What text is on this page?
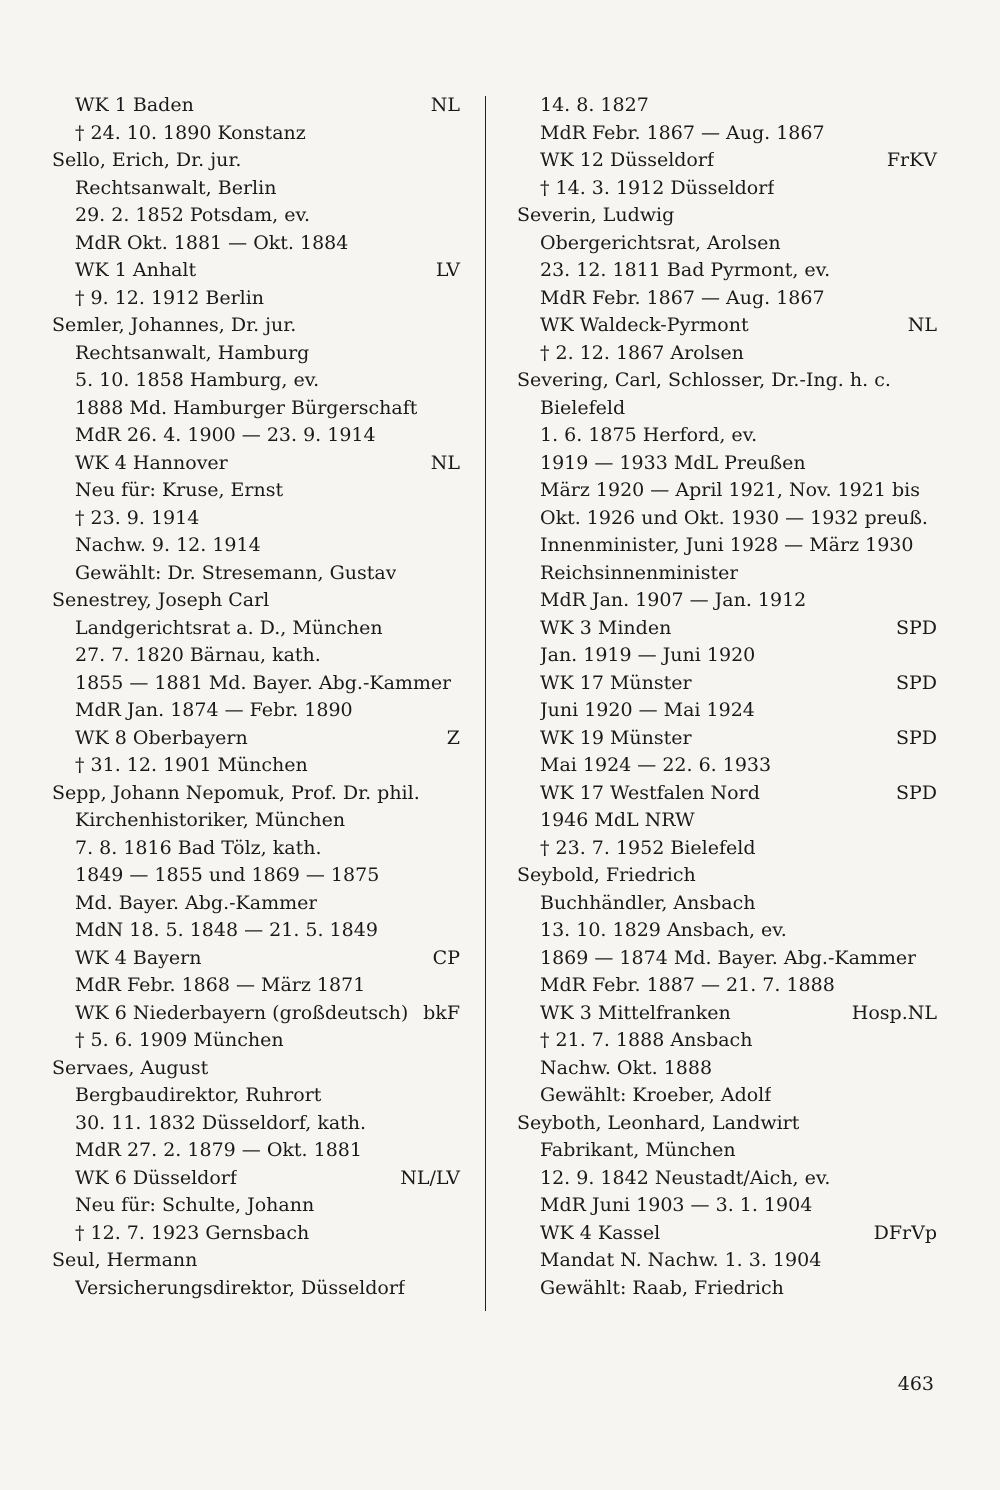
WK 1 Baden	NL
† 24. 10. 1890 Konstanz
Sello, Erich, Dr. jur.
Rechtsanwalt, Berlin
29. 2. 1852 Potsdam, ev.
MdR Okt. 1881 — Okt. 1884
WK 1 Anhalt	LV
† 9. 12. 1912 Berlin
Semler, Johannes, Dr. jur.
Rechtsanwalt, Hamburg
5. 10. 1858 Hamburg, ev.
1888 Md. Hamburger Bürgerschaft
MdR 26. 4. 1900 — 23. 9. 1914
WK 4 Hannover	NL
Neu für: Kruse, Ernst
† 23. 9. 1914
Nachw. 9. 12. 1914
Gewählt: Dr. Stresemann, Gustav
Senestrey, Joseph Carl
Landgerichtsrat a. D., München
27. 7. 1820 Bärnau, kath.
1855 — 1881 Md. Bayer. Abg.-Kammer
MdR Jan. 1874 — Febr. 1890
WK 8 Oberbayern	Z
† 31. 12. 1901 München
Sepp, Johann Nepomuk, Prof. Dr. phil.
Kirchenhistoriker, München
7. 8. 1816 Bad Tölz, kath.
1849 — 1855 und 1869 — 1875
Md. Bayer. Abg.-Kammer
MdN 18. 5. 1848 — 21. 5. 1849
WK 4 Bayern	CP
MdR Febr. 1868 — März 1871
WK 6 Niederbayern (großdeutsch) bkF
† 5. 6. 1909 München
Servaes, August
Bergbaudirektor, Ruhrort
30. 11. 1832 Düsseldorf, kath.
MdR 27. 2. 1879 — Okt. 1881
WK 6 Düsseldorf	NL/LV
Neu für: Schulte, Johann
† 12. 7. 1923 Gernsbach
Seul, Hermann
Versicherungsdirektor, Düsseldorf
14. 8. 1827
MdR Febr. 1867 — Aug. 1867
WK 12 Düsseldorf	FrKV
† 14. 3. 1912 Düsseldorf
Severin, Ludwig
Obergerichtsrat, Arolsen
23. 12. 1811 Bad Pyrmont, ev.
MdR Febr. 1867 — Aug. 1867
WK Waldeck-Pyrmont	NL
† 2. 12. 1867 Arolsen
Severing, Carl, Schlosser, Dr.-Ing. h. c.
Bielefeld
1. 6. 1875 Herford, ev.
1919 — 1933 MdL Preußen
März 1920 — April 1921, Nov. 1921 bis
Okt. 1926 und Okt. 1930 — 1932 preuß.
Innenminister, Juni 1928 — März 1930
Reichsinnenminister
MdR Jan. 1907 — Jan. 1912
WK 3 Minden	SPD
Jan. 1919 — Juni 1920
WK 17 Münster	SPD
Juni 1920 — Mai 1924
WK 19 Münster	SPD
Mai 1924 — 22. 6. 1933
WK 17 Westfalen Nord	SPD
1946 MdL NRW
† 23. 7. 1952 Bielefeld
Seybold, Friedrich
Buchhändler, Ansbach
13. 10. 1829 Ansbach, ev.
1869 — 1874 Md. Bayer. Abg.-Kammer
MdR Febr. 1887 — 21. 7. 1888
WK 3 Mittelfranken	Hosp.NL
† 21. 7. 1888 Ansbach
Nachw. Okt. 1888
Gewählt: Kroeber, Adolf
Seyboth, Leonhard, Landwirt
Fabrikant, München
12. 9. 1842 Neustadt/Aich, ev.
MdR Juni 1903 — 3. 1. 1904
WK 4 Kassel	DFrVp
Mandat N. Nachw. 1. 3. 1904
Gewählt: Raab, Friedrich
463
